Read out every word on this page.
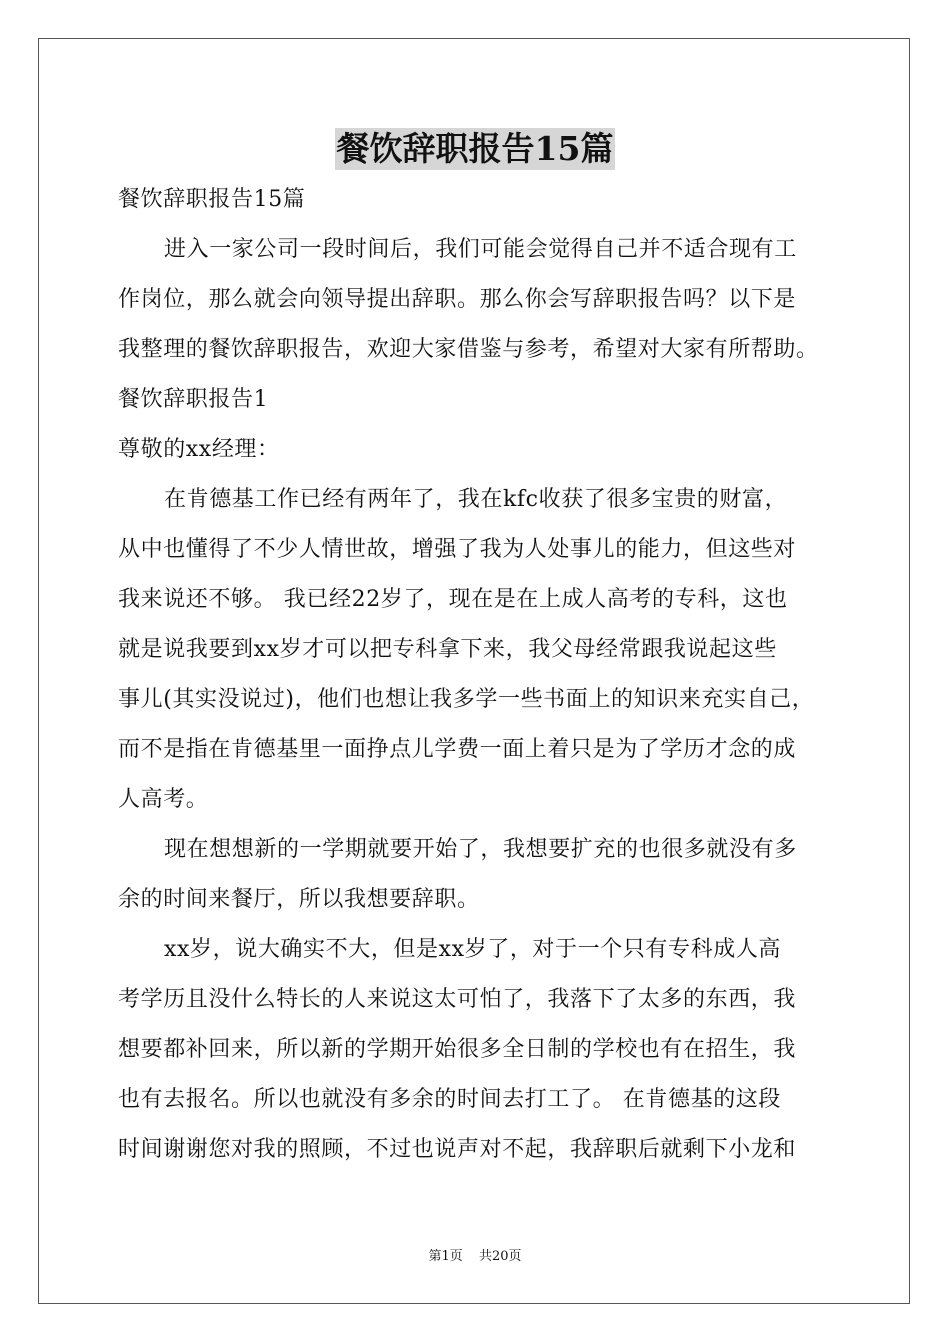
餐饮辞职报告15篇
餐饮辞职报告15篇
进入一家公司一段时间后，我们可能会觉得自己并不适合现有工
作岗位，那么就会向领导提出辞职。那么你会写辞职报告吗？以下是
我整理的餐饮辞职报告，欢迎大家借鉴与参考，希望对大家有所帮助。
餐饮辞职报告1
尊敬的xx经理：
在肯德基工作已经有两年了，我在kfc收获了很多宝贵的财富，
从中也懂得了不少人情世故，增强了我为人处事儿的能力，但这些对
我来说还不够。 我已经22岁了，现在是在上成人高考的专科，这也
就是说我要到xx岁才可以把专科拿下来，我父母经常跟我说起这些
事儿(其实没说过)，他们也想让我多学一些书面上的知识来充实自己，
而不是指在肯德基里一面挣点儿学费一面上着只是为了学历才念的成
人高考。
现在想想新的一学期就要开始了，我想要扩充的也很多就没有多
余的时间来餐厅，所以我想要辞职。
xx岁，说大确实不大，但是xx岁了，对于一个只有专科成人高
考学历且没什么特长的人来说这太可怕了，我落下了太多的东西，我
想要都补回来，所以新的学期开始很多全日制的学校也有在招生，我
也有去报名。所以也就没有多余的时间去打工了。 在肯德基的这段
时间谢谢您对我的照顾，不过也说声对不起，我辞职后就剩下小龙和
第1页 共20页
